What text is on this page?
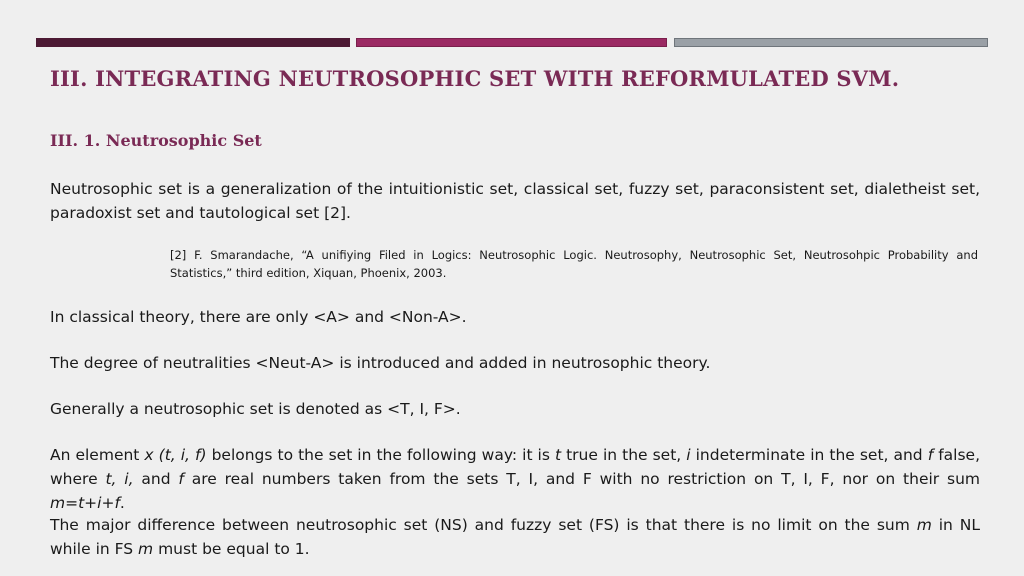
III. INTEGRATING NEUTROSOPHIC SET WITH REFORMULATED SVM.
III. 1. Neutrosophic Set

Neutrosophic set is a generalization of the intuitionistic set, classical set, fuzzy set, paraconsistent set, dialetheist set, paradoxist set and tautological set [2].

[2] F. Smarandache, “A unifiying Filed in Logics: Neutrosophic Logic. Neutrosophy, Neutrosophic Set, Neutrosohpic Probability and Statistics,” third edition, Xiquan, Phoenix, 2003.

In classical theory, there are only <A> and <Non-A>.

The degree of neutralities <Neut-A> is introduced and added in neutrosophic theory.

Generally a neutrosophic set is denoted as <T, I, F>.

An element x (t, i, f) belongs to the set in the following way: it is t true in the set, i indeterminate in the set, and f false, where t, i, and f are real numbers taken from the sets T, I, and F with no restriction on T, I, F, nor on their sum m=t+i+f.

The major difference between neutrosophic set (NS) and fuzzy set (FS) is that there is no limit on the sum m in NL while in FS m must be equal to 1.
